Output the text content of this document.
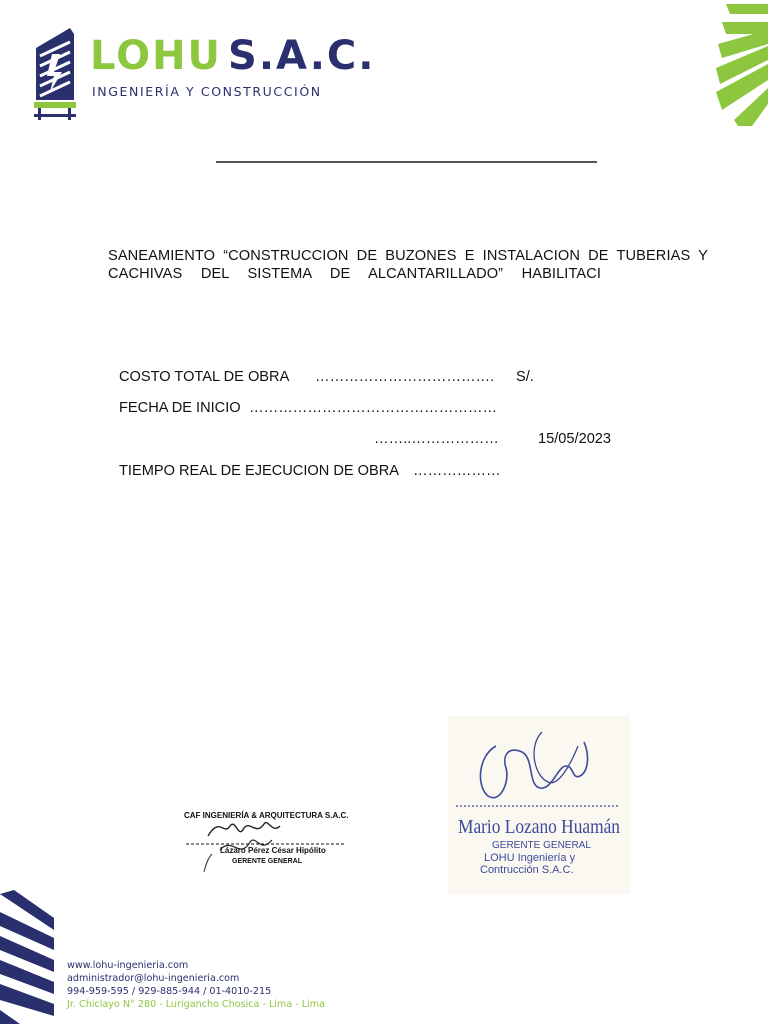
LOHU S.A.C.
INGENIERÍA Y CONSTRUCCIÓN
SANEAMIENTO “CONSTRUCCION DE BUZONES E INSTALACION DE TUBERIAS Y
CACHIVAS DEL SISTEMA DE ALCANTARILLADO” HABILITACI
COSTO TOTAL DE OBRA ………………………………. S/.
FECHA DE INICIO ……………………………………………
……..………………	15/05/2023
TIEMPO REAL DE EJECUCION DE OBRA ………………
CAF INGENIERÍA & ARQUITECTURA S.A.C.
Lázaro Pérez César Hipólito
GERENTE GENERAL
Mario Lozano Huamán
GERENTE GENERAL
LOHU Ingeniería y
Contrucción S.A.C.
www.lohu-ingenieria.com
administrador@lohu-ingenieria.com
994-959-595 / 929-885-944 / 01-4010-215
Jr. Chiclayo N° 280 - Lurigancho Chosica - Lima - Lima
